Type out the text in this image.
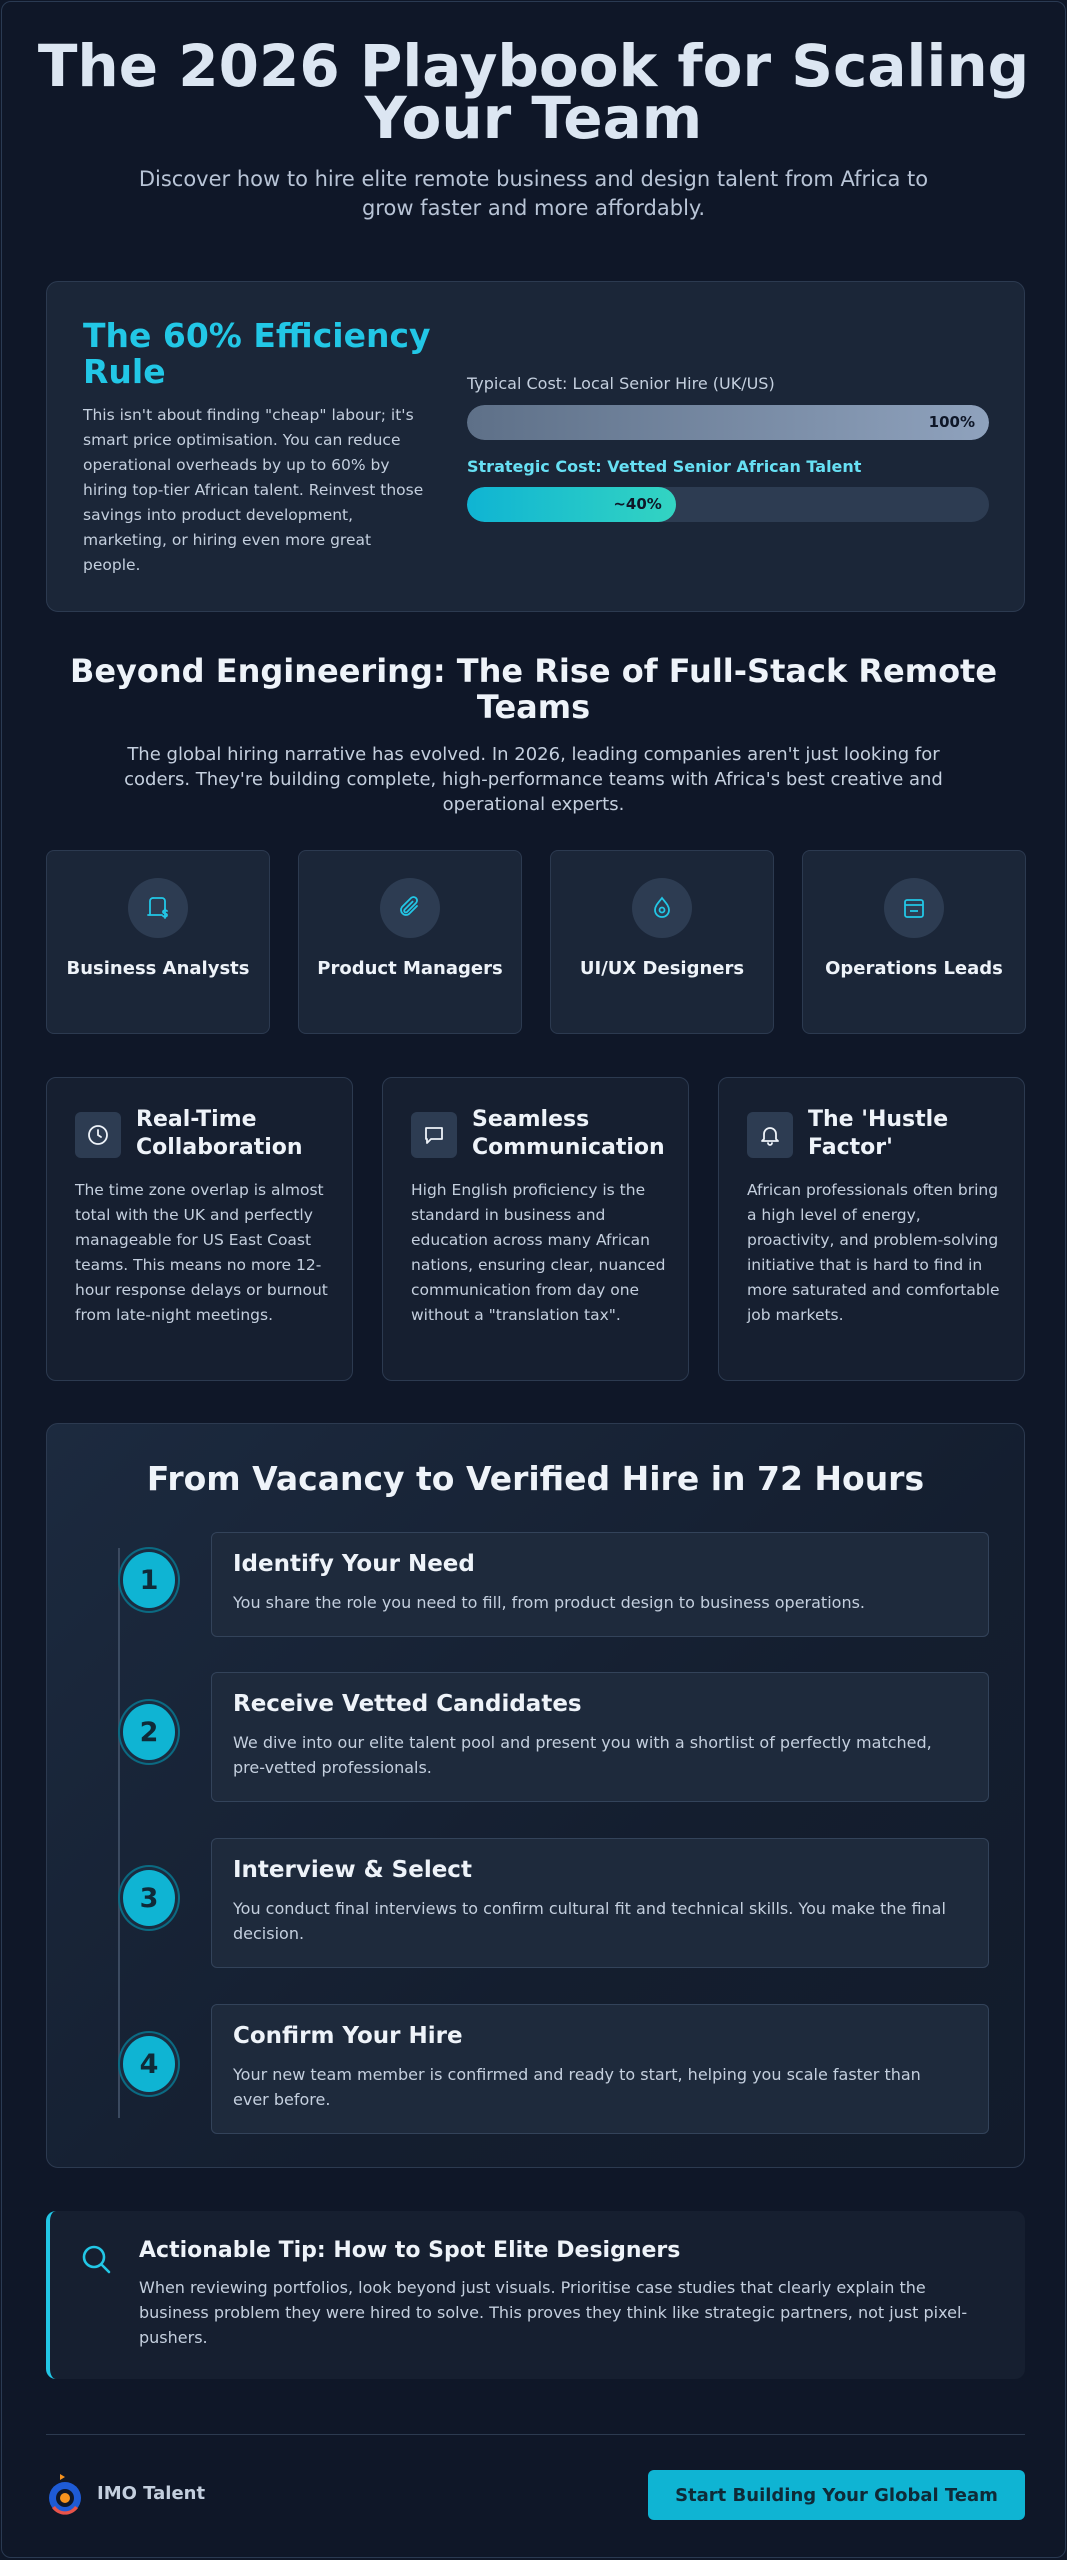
The 2026 Playbook for Scaling Your Team

Discover how to hire elite remote business and design talent from Africa to grow faster and more affordably.

The 60% Efficiency Rule

This isn't about finding "cheap" labour; it's smart price optimisation. You can reduce operational overheads by up to 60% by hiring top-tier African talent. Reinvest those savings into product development, marketing, or hiring even more great people.

Typical Cost: Local Senior Hire (UK/US)
100%
Strategic Cost: Vetted Senior African Talent
~40%
Beyond Engineering: The Rise of Full-Stack Remote Teams

The global hiring narrative has evolved. In 2026, leading companies aren't just looking for coders. They're building complete, high-performance teams with Africa's best creative and operational experts.

Business Analysts	Product Managers	UI/UX Designers	Operations Leads
Real-Time Collaboration

The time zone overlap is almost total with the UK and perfectly manageable for US East Coast teams. This means no more 12-hour response delays or burnout from late-night meetings.

Seamless Communication

High English proficiency is the standard in business and education across many African nations, ensuring clear, nuanced communication from day one without a "translation tax".

The 'Hustle Factor'

African professionals often bring a high level of energy, proactivity, and problem-solving initiative that is hard to find in more saturated and comfortable job markets.

From Vacancy to Verified Hire in 72 Hours
1
Identify Your Need
You share the role you need to fill, from product design to business operations.
2
Receive Vetted Candidates
We dive into our elite talent pool and present you with a shortlist of perfectly matched, pre-vetted professionals.
3
Interview & Select
You conduct final interviews to confirm cultural fit and technical skills. You make the final decision.
4
Confirm Your Hire
Your new team member is confirmed and ready to start, helping you scale faster than ever before.
Actionable Tip: How to Spot Elite Designers

When reviewing portfolios, look beyond just visuals. Prioritise case studies that clearly explain the business problem they were hired to solve. This proves they think like strategic partners, not just pixel-pushers.

IMO Talent	Start Building Your Global Team
